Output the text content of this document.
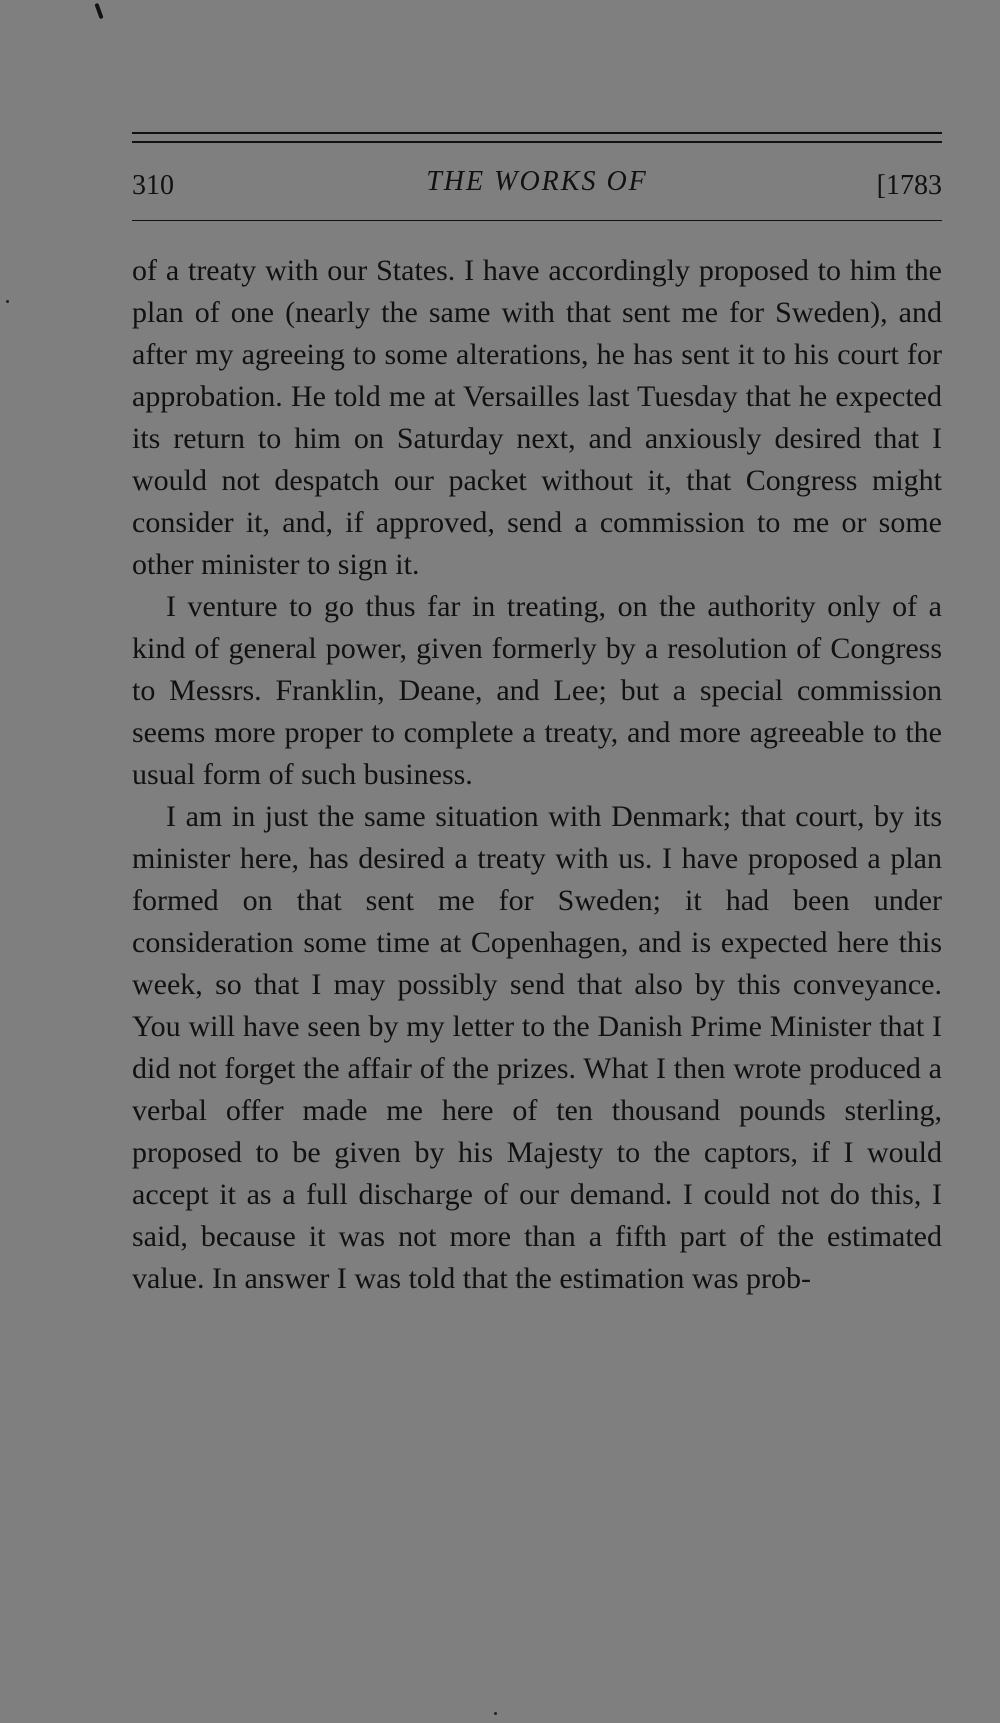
310	THE WORKS OF	[1783

of a treaty with our States. I have accordingly proposed to him the plan of one (nearly the same with that sent me for Sweden), and after my agreeing to some alterations, he has sent it to his court for approbation. He told me at Versailles last Tuesday that he expected its return to him on Saturday next, and anxiously desired that I would not despatch our packet without it, that Congress might consider it, and, if approved, send a commission to me or some other minister to sign it.

I venture to go thus far in treating, on the authority only of a kind of general power, given formerly by a resolution of Congress to Messrs. Franklin, Deane, and Lee; but a special commission seems more proper to complete a treaty, and more agreeable to the usual form of such business.

I am in just the same situation with Denmark; that court, by its minister here, has desired a treaty with us. I have proposed a plan formed on that sent me for Sweden; it had been under consideration some time at Copenhagen, and is expected here this week, so that I may possibly send that also by this conveyance. You will have seen by my letter to the Danish Prime Minister that I did not forget the affair of the prizes. What I then wrote produced a verbal offer made me here of ten thousand pounds sterling, proposed to be given by his Majesty to the captors, if I would accept it as a full discharge of our demand. I could not do this, I said, because it was not more than a fifth part of the estimated value. In answer I was told that the estimation was prob-
